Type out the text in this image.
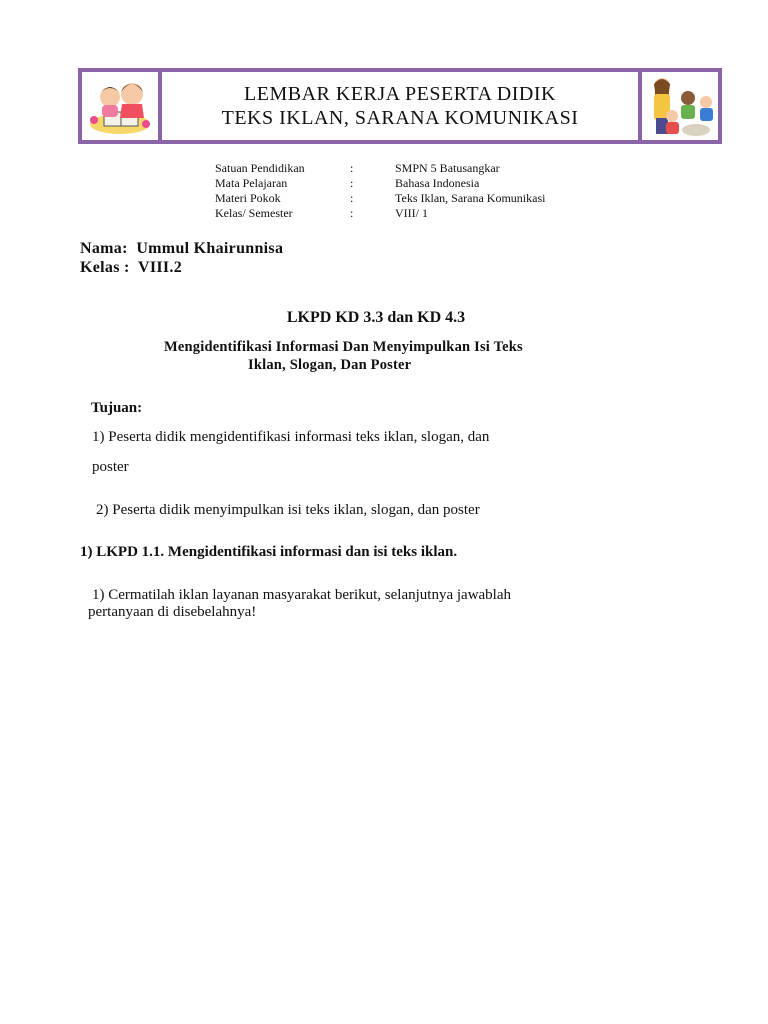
LEMBAR KERJA PESERTA DIDIK
TEKS IKLAN, SARANA KOMUNIKASI
Satuan Pendidikan	:	SMPN 5 Batusangkar
Mata Pelajaran	:	Bahasa Indonesia
Materi Pokok	:	Teks Iklan, Sarana Komunikasi
Kelas/ Semester	:	VIII/ 1
Nama: Ummul Khairunnisa
Kelas : VIII.2
LKPD KD 3.3 dan KD 4.3
Mengidentifikasi Informasi Dan Menyimpulkan Isi Teks
Iklan, Slogan, Dan Poster
Tujuan:
1) Peserta didik mengidentifikasi informasi teks iklan, slogan, dan
poster
2) Peserta didik menyimpulkan isi teks iklan, slogan, dan poster
1) LKPD 1.1. Mengidentifikasi informasi dan isi teks iklan.
1) Cermatilah iklan layanan masyarakat berikut, selanjutnya jawablah
pertanyaan di disebelahnya!
